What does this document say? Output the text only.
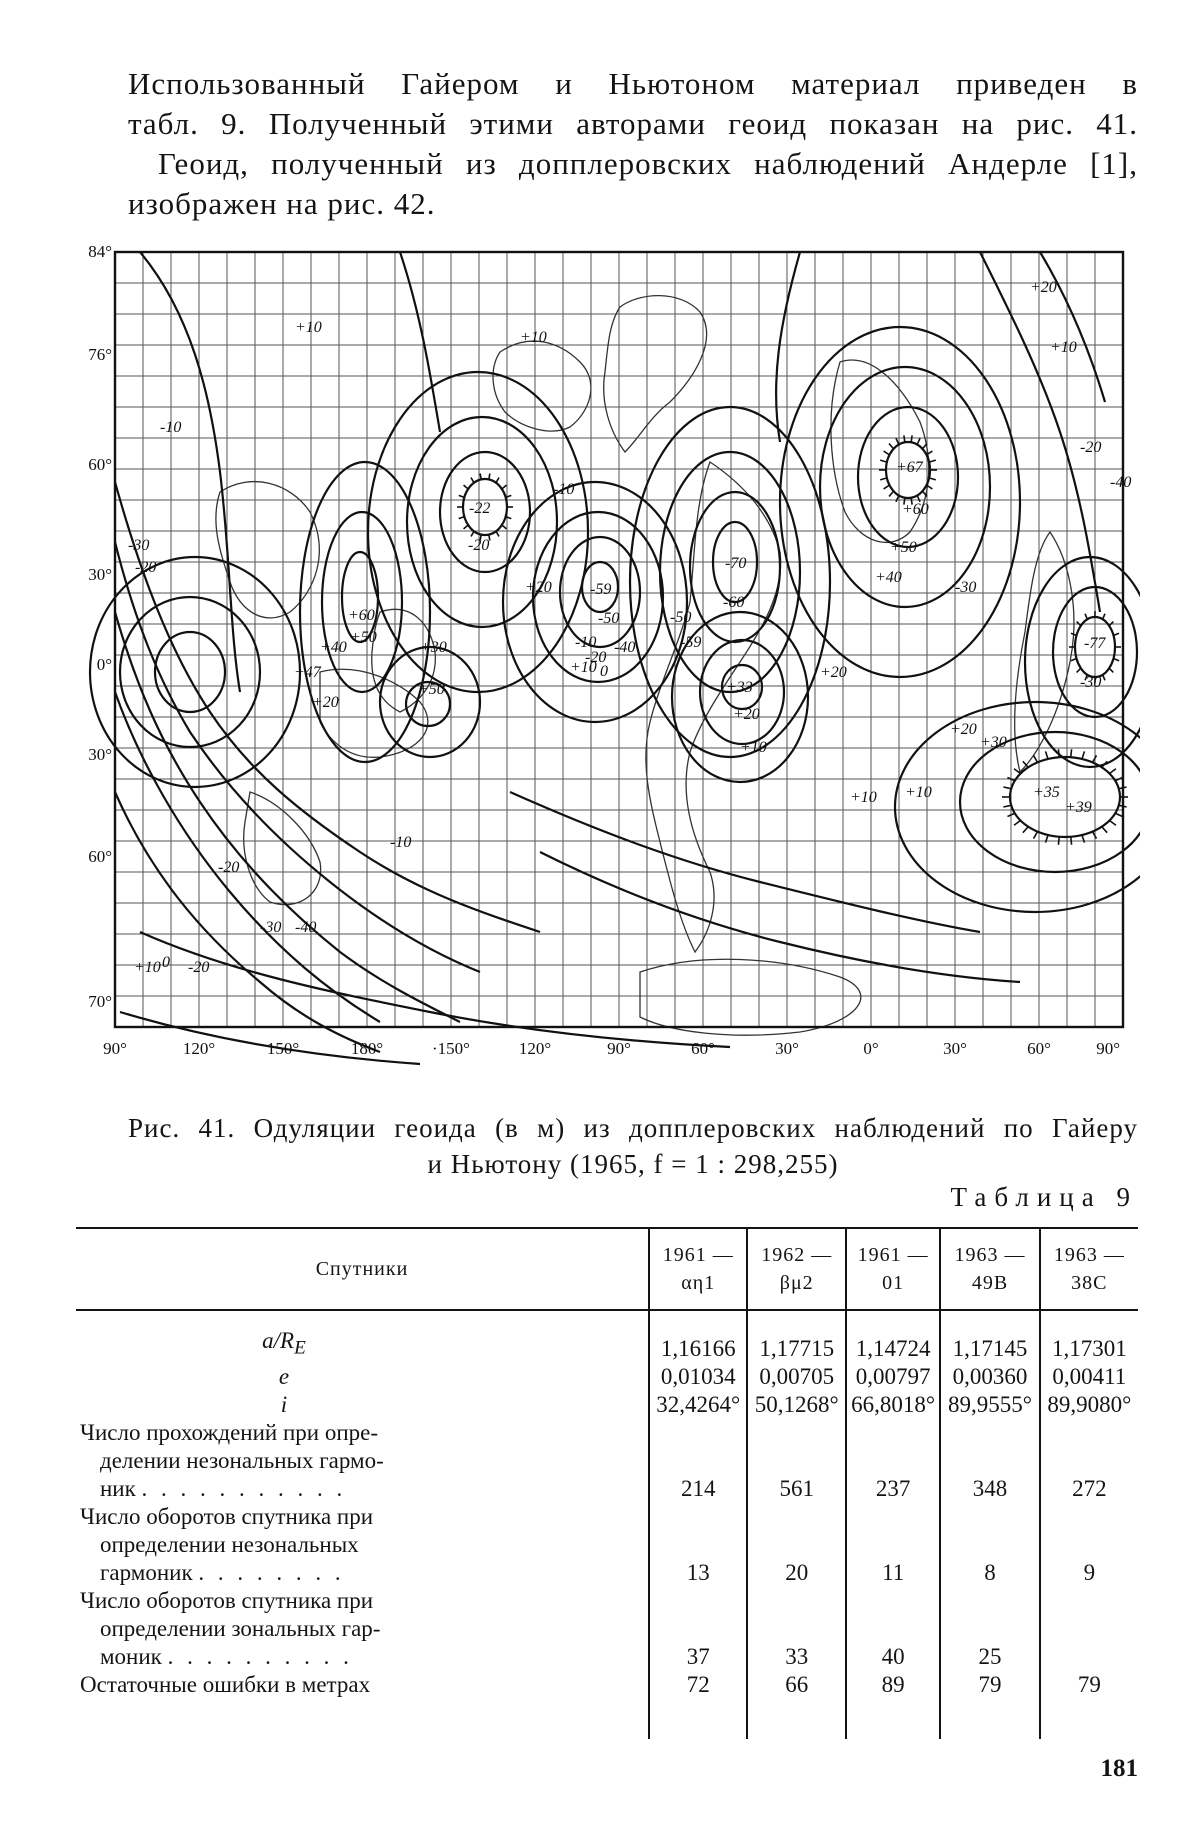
Использованный Гайером и Ньютоном материал приведен в

табл. 9. Полученный этими авторами геоид показан на рис. 41.

Геоид, полученный из допплеровских наблюдений Андерле [1],

изображен на рис. 42.

-22
-20
-59
-50
-40
-70
-60
+33
+20
+67
+60
+50
+40
-77
-30
+35
+39
+60
+50
+40
+47
+50
+30
+20
+10
-10
+20
-10
-20
+10 0
-50
-59
+10
+20
+10
+20
+30
-30
-30
-10
-20
-10
-20
-30 -40
+10 0 -20
+10
+20
+10
-20
-40
+10
84°
76°
60°
30°
0°
30°
60°
70°
90°	120°	150°	180°	·150°	120°	90°	60°	30°	0°	30°	60°	90°
Рис. 41. Одуляции геоида (в м) из допплеровских наблюдений по Гайеру
и Ньютону (1965, f = 1 : 298,255)
Таблица 9
Спутники	1961 — αη1	1962 — βμ2	1961 — 01	1963 — 49В	1963 — 38С
$a/R_E$	1,16166	1,17715	1,14724	1,17145	1,17301
e	0,01034	0,00705	0,00797	0,00360	0,00411
i	32,4264°	50,1268°	66,8018°	89,9555°	89,9080°

Число прохождений при опре-
делении незональных гармо-
ник . . . . . . . . . . .	214	561	237	348	272

Число оборотов спутника при
определении незональных
гармоник . . . . . . . .	13	20	11	8	9

Число оборотов спутника при
определении зональных гар-
моник . . . . . . . . . .	37	33	40	25	
Остаточные ошибки в метрах	72	66	89	79	79
181
